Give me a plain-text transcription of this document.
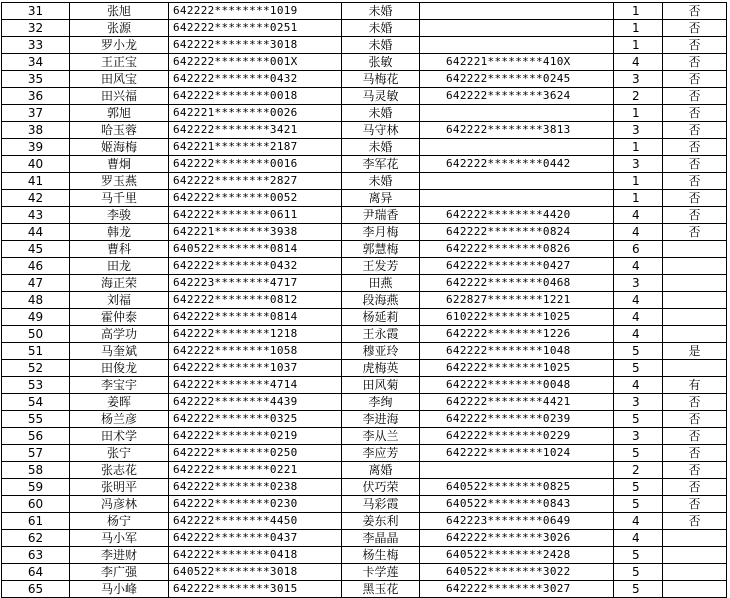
31	张旭	642222********1019	未婚		1	否
32	张源	642222********0251	未婚		1	否
33	罗小龙	642222********3018	未婚		1	否
34	王正宝	642222********001X	张敏	642221********410X	4	否
35	田风宝	642222********0432	马梅花	642222********0245	3	否
36	田兴福	642222********0018	马灵敏	642222********3624	2	否
37	郭旭	642221********0026	未婚		1	否
38	哈玉蓉	642222********3421	马守林	642222********3813	3	否
39	姬海梅	642221********2187	未婚		1	否
40	曹炯	642222********0016	李军花	642222********0442	3	否
41	罗玉燕	642222********2827	未婚		1	否
42	马千里	642222********0052	离异		1	否
43	李骏	642222********0611	尹瑞香	642222********4420	4	否
44	韩龙	642221********3938	李月梅	642222********0824	4	否
45	曹科	640522********0814	郭慧梅	642222********0826	6	
46	田龙	642222********0432	王发芳	642222********0427	4	
47	海正荣	642223********4717	田燕	642222********0468	3	
48	刘福	642222********0812	段海燕	622827********1221	4	
49	霍仲泰	642222********0814	杨延莉	610222********1025	4	
50	高学功	642222********1218	王永霞	642222********1226	4	
51	马奎斌	642222********1058	穆亚玲	642222********1048	5	是
52	田俊龙	642222********1037	虎梅英	642222********1025	5	
53	李宝宇	642222********4714	田风菊	642222********0048	4	有
54	姜晖	642222********4439	李绚	642222********4421	3	否
55	杨兰彦	642222********0325	李进海	642222********0239	5	否
56	田术学	642222********0219	李从兰	642222********0229	3	否
57	张宁	642222********0250	李应芳	642222********1024	5	否
58	张志花	642222********0221	离婚		2	否
59	张明平	642222********0238	伏巧荣	640522********0825	5	否
60	冯彦林	642222********0230	马彩霞	640522********0843	5	否
61	杨宁	642222********4450	姜东利	642223********0649	4	否
62	马小军	642222********0437	李晶晶	642222********3026	4	
63	李进财	642222********0418	杨生梅	640522********2428	5	
64	李广强	640522********3018	卡学莲	640522********3022	5	
65	马小峰	642222********3015	黑玉花	642222********3027	5	
